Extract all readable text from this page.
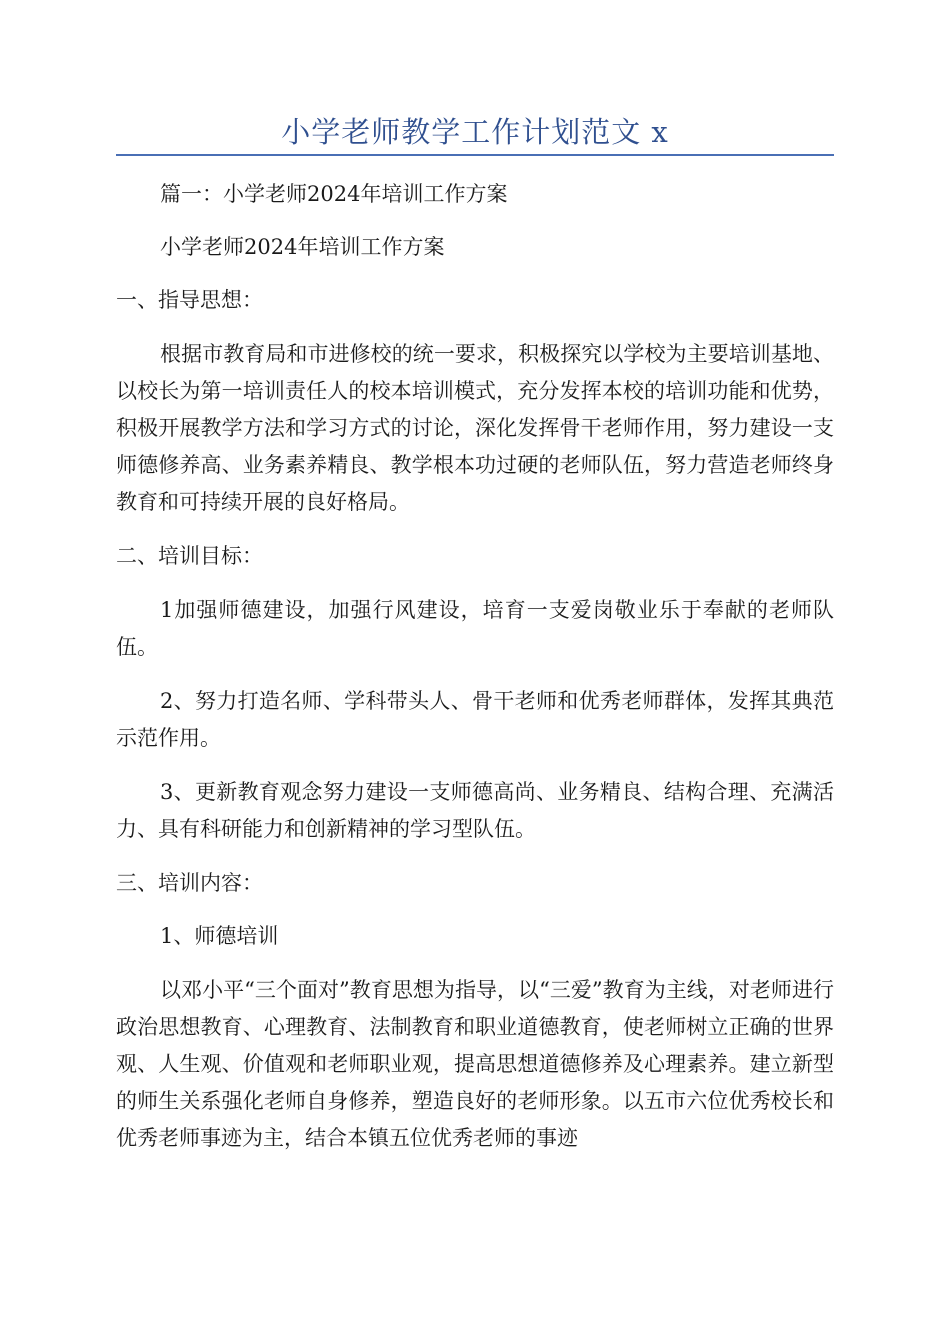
小学老师教学工作计划范文 x

篇一：小学老师2024年培训工作方案

小学老师2024年培训工作方案

一、指导思想：

根据市教育局和市进修校的统一要求，积极探究以学校为主要培训基地、以校长为第一培训责任人的校本培训模式，充分发挥本校的培训功能和优势，积极开展教学方法和学习方式的讨论，深化发挥骨干老师作用，努力建设一支师德修养高、业务素养精良、教学根本功过硬的老师队伍，努力营造老师终身教育和可持续开展的良好格局。

二、培训目标：

1加强师德建设，加强行风建设，培育一支爱岗敬业乐于奉献的老师队伍。

2、努力打造名师、学科带头人、骨干老师和优秀老师群体，发挥其典范示范作用。

3、更新教育观念努力建设一支师德高尚、业务精良、结构合理、充满活力、具有科研能力和创新精神的学习型队伍。

三、培训内容：

1、师德培训

以邓小平“三个面对”教育思想为指导，以“三爱”教育为主线，对老师进行政治思想教育、心理教育、法制教育和职业道德教育，使老师树立正确的世界观、人生观、价值观和老师职业观，提高思想道德修养及心理素养。建立新型的师生关系强化老师自身修养，塑造良好的老师形象。以五市六位优秀校长和优秀老师事迹为主，结合本镇五位优秀老师的事迹
